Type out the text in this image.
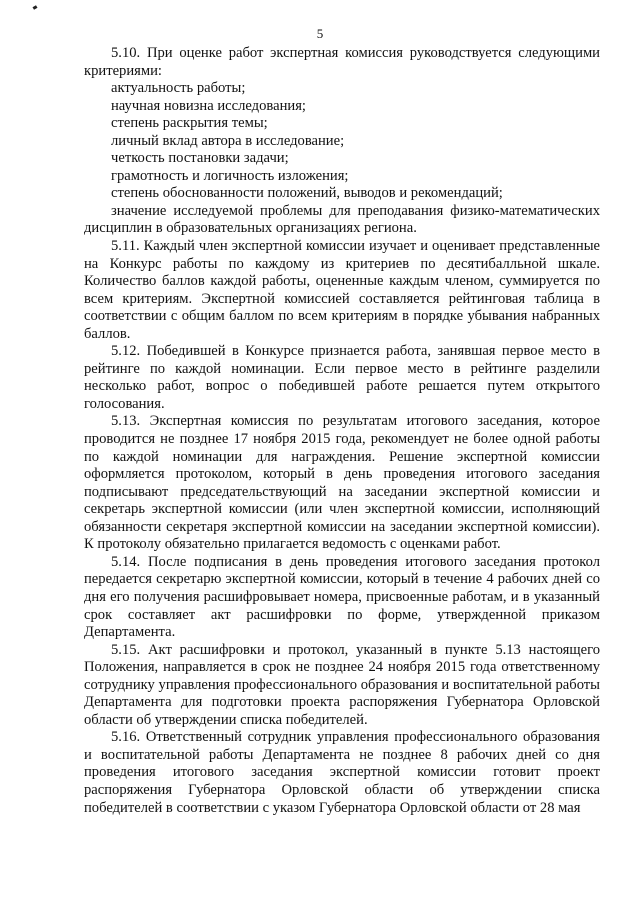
5

5.10. При оценке работ экспертная комиссия руководствуется следующими критериями:

актуальность работы;

научная новизна исследования;

степень раскрытия темы;

личный вклад автора в исследование;

четкость постановки задачи;

грамотность и логичность изложения;

степень обоснованности положений, выводов и рекомендаций;

значение исследуемой проблемы для преподавания физико-математических дисциплин в образовательных организациях региона.

5.11. Каждый член экспертной комиссии изучает и оценивает представленные на Конкурс работы по каждому из критериев по десятибалльной шкале. Количество баллов каждой работы, оцененные каждым членом, суммируется по всем критериям. Экспертной комиссией составляется рейтинговая таблица в соответствии с общим баллом по всем критериям в порядке убывания набранных баллов.

5.12. Победившей в Конкурсе признается работа, занявшая первое место в рейтинге по каждой номинации. Если первое место в рейтинге разделили несколько работ, вопрос о победившей работе решается путем открытого голосования.

5.13. Экспертная комиссия по результатам итогового заседания, которое проводится не позднее 17 ноября 2015 года, рекомендует не более одной работы по каждой номинации для награждения. Решение экспертной комиссии оформляется протоколом, который в день проведения итогового заседания подписывают председательствующий на заседании экспертной комиссии и секретарь экспертной комиссии (или член экспертной комиссии, исполняющий обязанности секретаря экспертной комиссии на заседании экспертной комиссии). К протоколу обязательно прилагается ведомость с оценками работ.

5.14. После подписания в день проведения итогового заседания протокол передается секретарю экспертной комиссии, который в течение 4 рабочих дней со дня его получения расшифровывает номера, присвоенные работам, и в указанный срок составляет акт расшифровки по форме, утвержденной приказом Департамента.

5.15. Акт расшифровки и протокол, указанный в пункте 5.13 настоящего Положения, направляется в срок не позднее 24 ноября 2015 года ответственному сотруднику управления профессионального образования и воспитательной работы Департамента для подготовки проекта распоряжения Губернатора Орловской области об утверждении списка победителей.

5.16. Ответственный сотрудник управления профессионального образования и воспитательной работы Департамента не позднее 8 рабочих дней со дня проведения итогового заседания экспертной комиссии готовит проект распоряжения Губернатора Орловской области об утверждении списка победителей в соответствии с указом Губернатора Орловской области от 28 мая
